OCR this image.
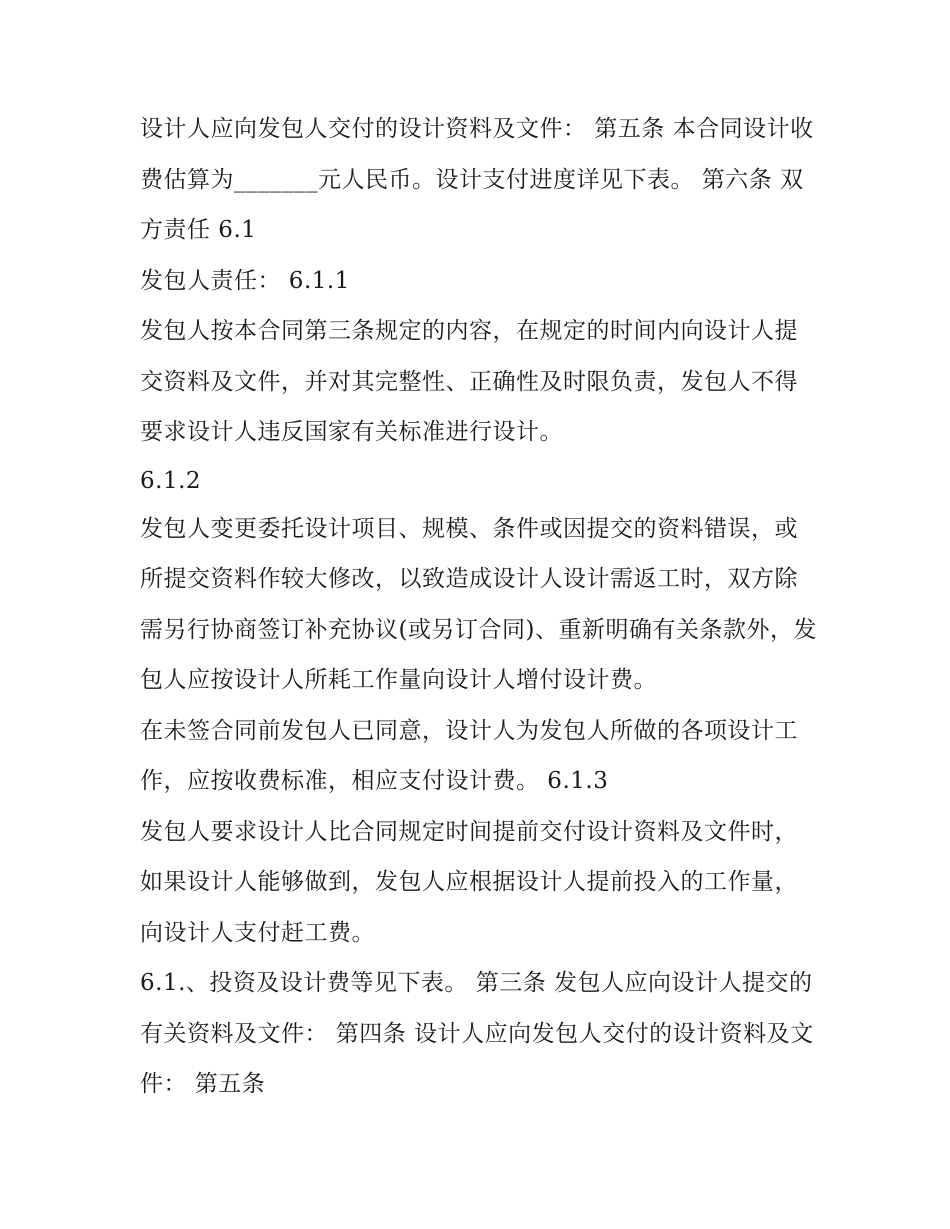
设计人应向发包人交付的设计资料及文件： 第五条 本合同设计收费估算为_______元人民币。设计支付进度详见下表。 第六条 双方责任 6.1

发包人责任： 6.1.1

发包人按本合同第三条规定的内容，在规定的时间内向设计人提交资料及文件，并对其完整性、正确性及时限负责，发包人不得要求设计人违反国家有关标准进行设计。

6.1.2

发包人变更委托设计项目、规模、条件或因提交的资料错误，或所提交资料作较大修改，以致造成设计人设计需返工时，双方除需另行协商签订补充协议(或另订合同)、重新明确有关条款外，发包人应按设计人所耗工作量向设计人增付设计费。

在未签合同前发包人已同意，设计人为发包人所做的各项设计工作，应按收费标准，相应支付设计费。 6.1.3

发包人要求设计人比合同规定时间提前交付设计资料及文件时，如果设计人能够做到，发包人应根据设计人提前投入的工作量，向设计人支付赶工费。

6.1.、投资及设计费等见下表。 第三条 发包人应向设计人提交的有关资料及文件： 第四条 设计人应向发包人交付的设计资料及文件： 第五条
